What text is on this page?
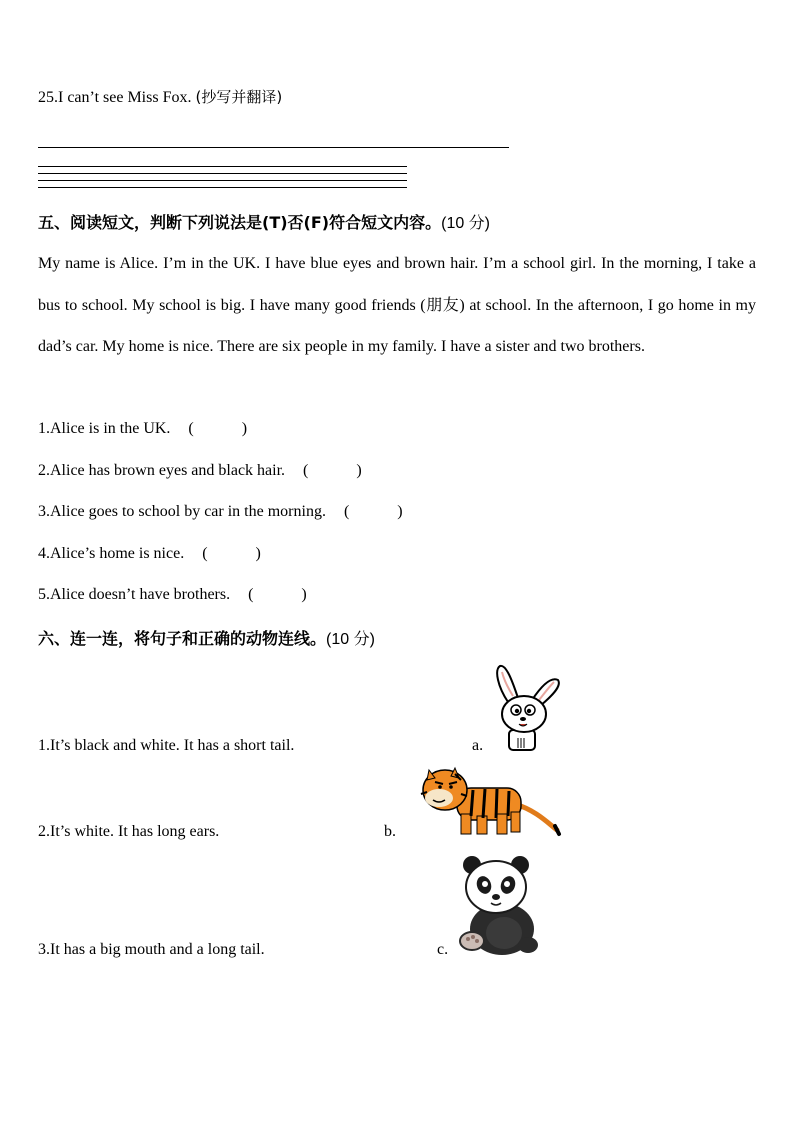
25.I can’t see Miss Fox. (抄写并翻译)
五、阅读短文，判断下列说法是(T)否(F)符合短文内容。(10 分)
My name is Alice. I’m in the UK. I have blue eyes and brown hair. I’m a school girl. In the morning, I take a bus to school. My school is big. I have many good friends (朋友) at school. In the afternoon, I go home in my dad’s car. My home is nice. There are six people in my family. I have a sister and two brothers.
1.Alice is in the UK. (            )
2.Alice has brown eyes and black hair. (            )
3.Alice goes to school by car in the morning. (            )
4.Alice’s home is nice. (            )
5.Alice doesn’t have brothers. (            )
六、连一连，将句子和正确的动物连线。(10 分)
1.It’s black and white. It has a short tail.	a.
2.It’s white. It has long ears.	b.
3.It has a big mouth and a long tail.	c.
